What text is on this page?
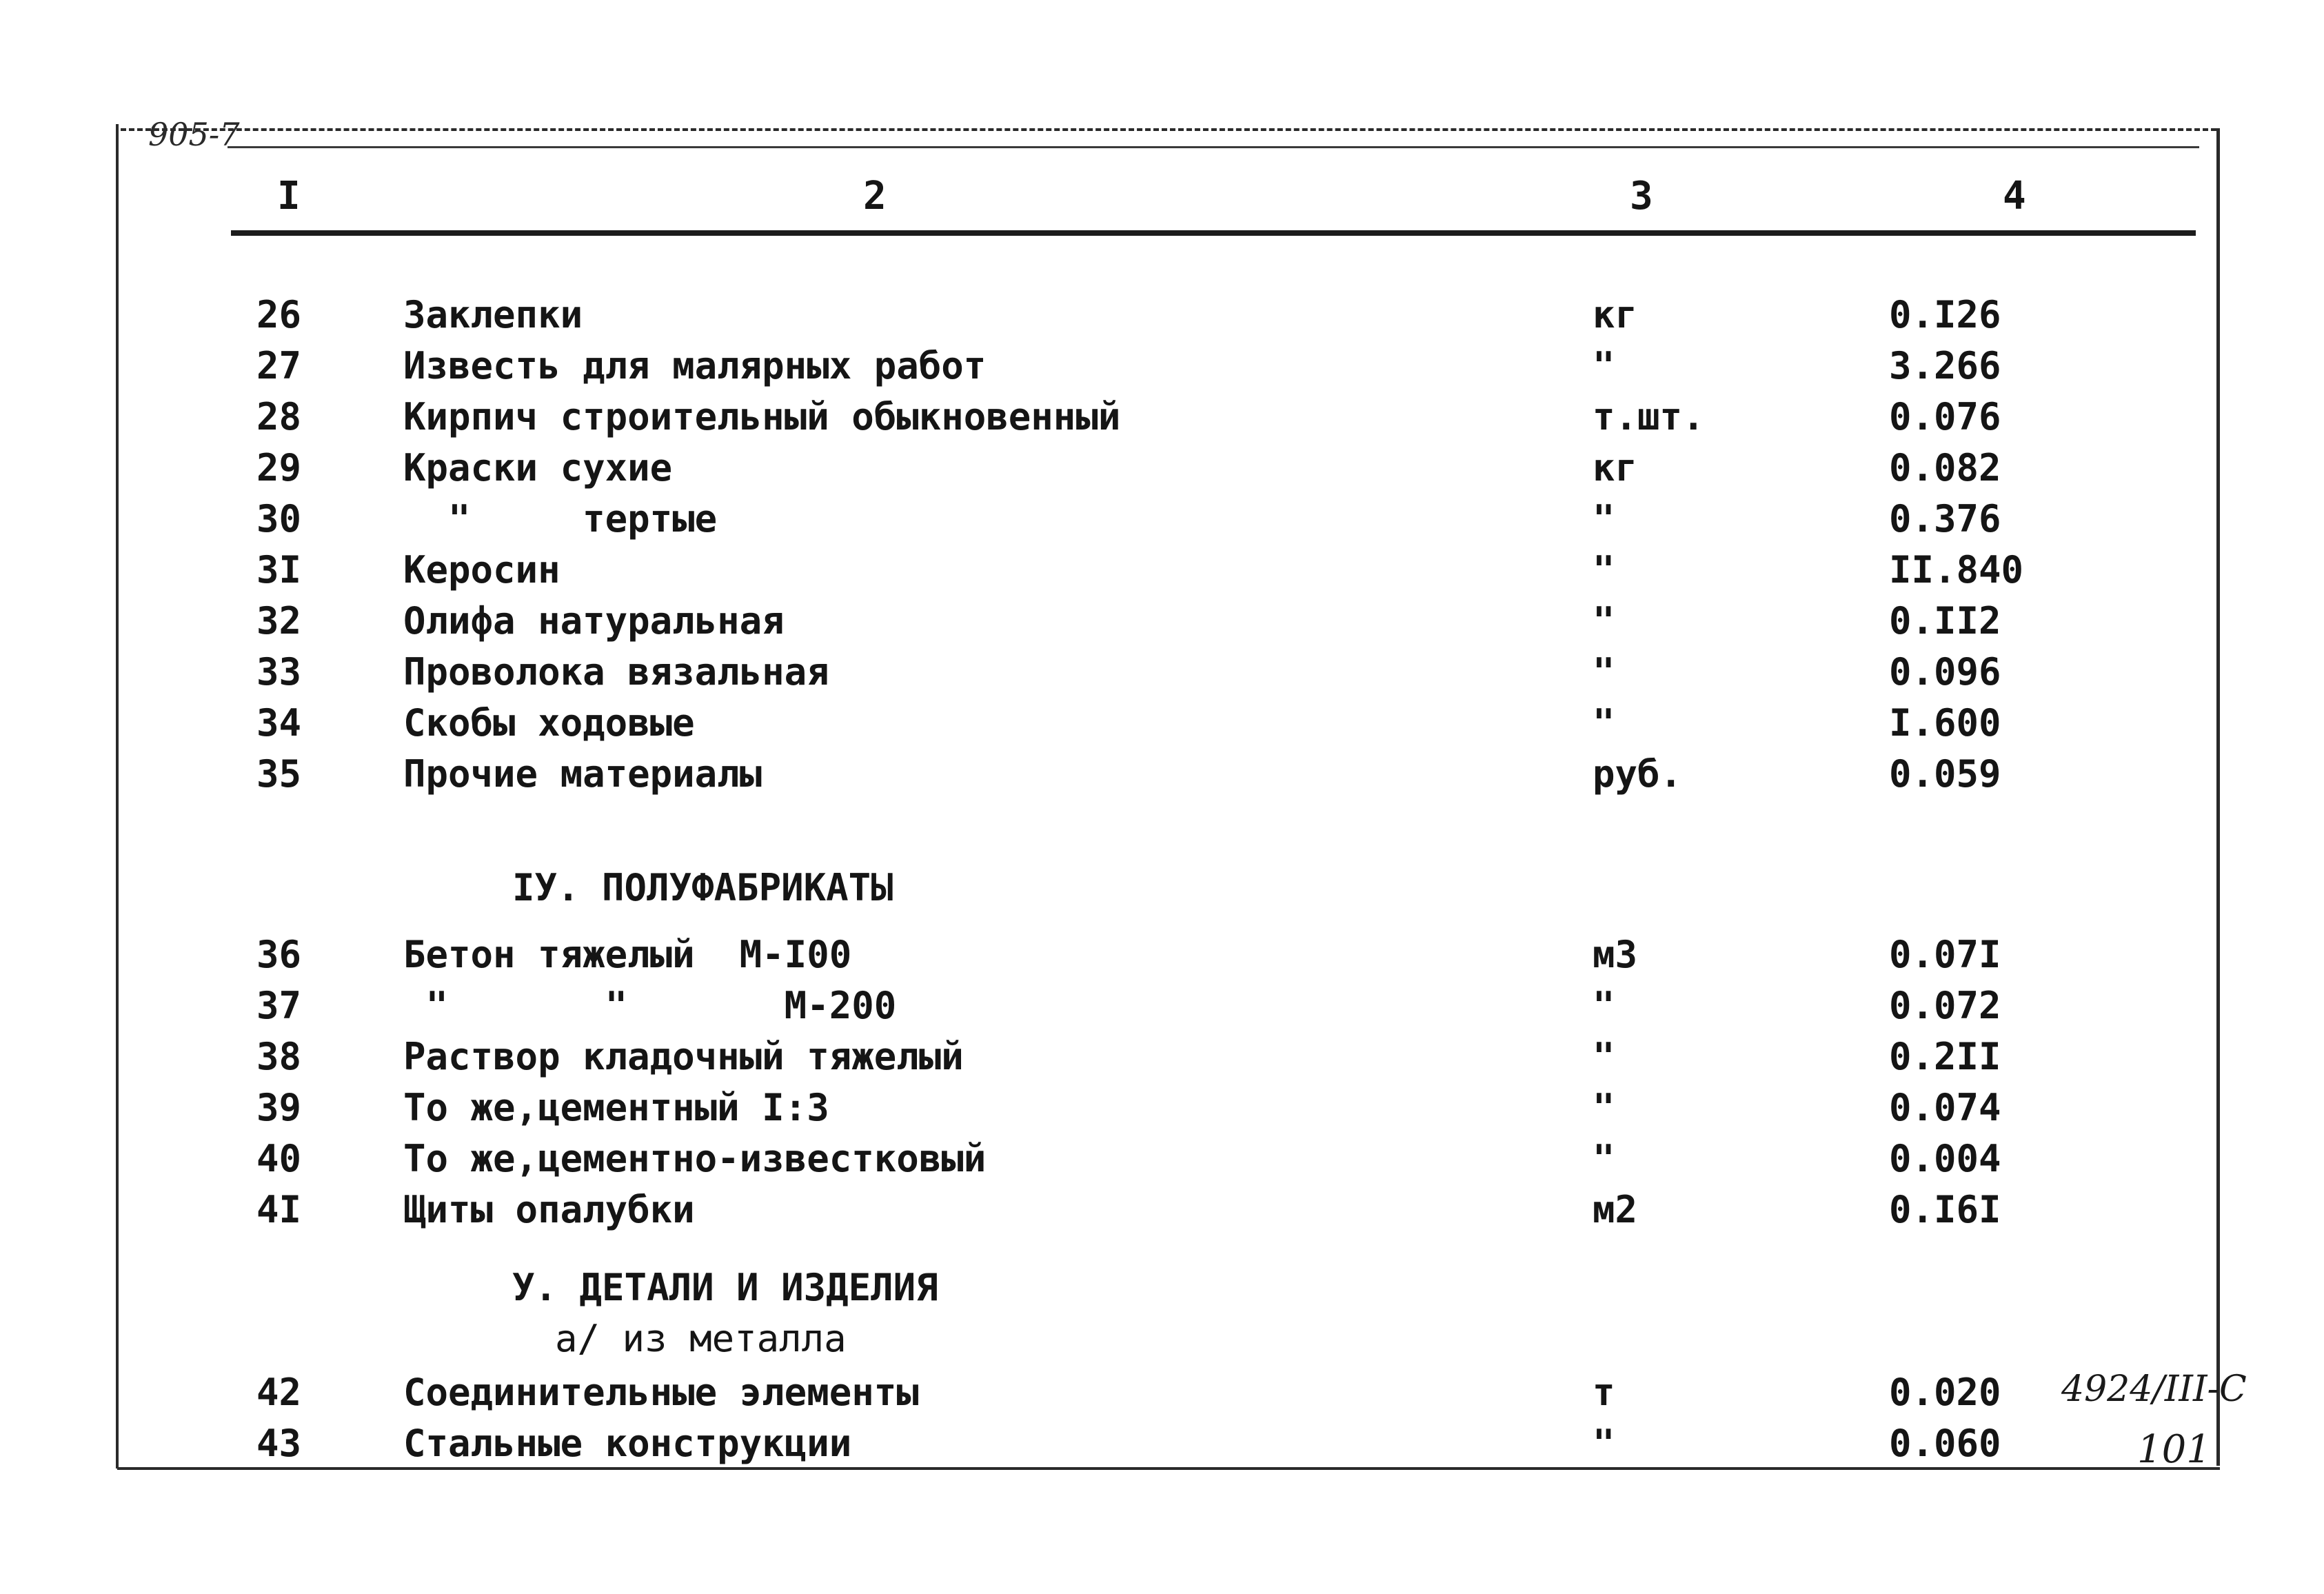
905-7
I	2	3	4
26	Заклепки	кг	0.I26
27	Известь для малярных работ	"	3.266
28	Кирпич строительный обыкновенный	т.шт.	0.076
29	Краски сухие	кг	0.082
30	"     тертые	"	0.376
3I	Керосин	"	II.840
32	Олифа натуральная	"	0.II2
33	Проволока вязальная	"	0.096
34	Скобы ходовые	"	I.600
35	Прочие материалы	руб.	0.059
IУ. ПОЛУФАБРИКАТЫ
36	Бетон тяжелый  М-I00	м3	0.07I
37	"       "       М-200	"	0.072
38	Раствор кладочный тяжелый	"	0.2II
39	То же,цементный I:3	"	0.074
40	То же,цементно-известковый	"	0.004
4I	Щиты опалубки	м2	0.I6I
У. ДЕТАЛИ И ИЗДЕЛИЯ
а/ из металла
42	Соединительные элементы	т	0.020
43	Стальные конструкции	"	0.060
4924/III-C
101
